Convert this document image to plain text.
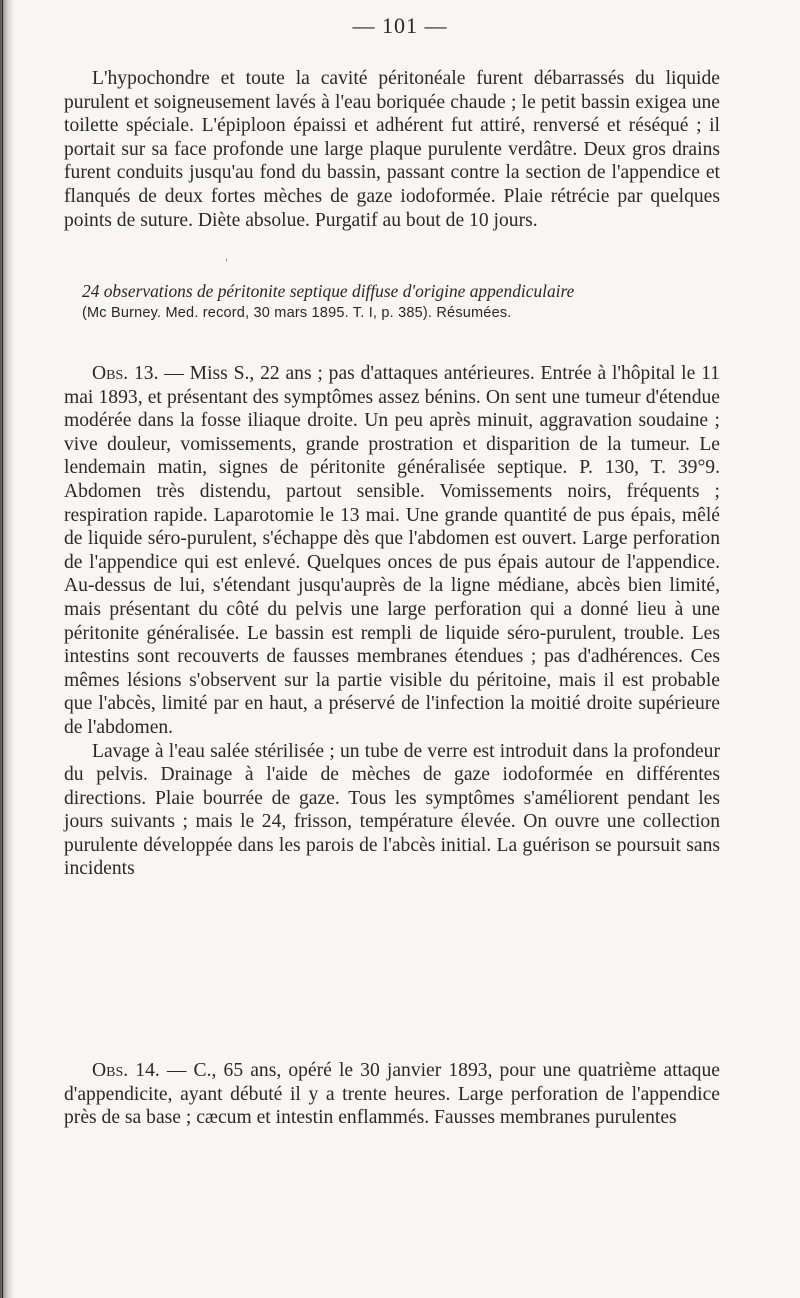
— 101 —

L'hypochondre et toute la cavité péritonéale furent débarrassés du liquide purulent et soigneusement lavés à l'eau boriquée chaude ; le petit bassin exigea une toilette spéciale. L'épiploon épaissi et adhérent fut attiré, renversé et réséqué ; il portait sur sa face profonde une large plaque purulente verdâtre. Deux gros drains furent conduits jusqu'au fond du bassin, passant contre la section de l'appendice et flanqués de deux fortes mèches de gaze iodoformée. Plaie rétrécie par quelques points de suture. Diète absolue. Purgatif au bout de 10 jours.

'

24 observations de péritonite septique diffuse d'origine appendiculaire

(Mc Burney. Med. record, 30 mars 1895. T. I, p. 385). Résumées.

Obs. 13. — Miss S., 22 ans ; pas d'attaques antérieures. Entrée à l'hôpital le 11 mai 1893, et présentant des symptômes assez bénins. On sent une tumeur d'étendue modérée dans la fosse iliaque droite. Un peu après minuit, aggravation soudaine ; vive douleur, vomissements, grande prostration et disparition de la tumeur. Le lendemain matin, signes de péritonite généralisée septique. P. 130, T. 39°9. Abdomen très distendu, partout sensible. Vomissements noirs, fréquents ; respiration rapide. Laparotomie le 13 mai. Une grande quantité de pus épais, mêlé de liquide séro-purulent, s'échappe dès que l'abdomen est ouvert. Large perforation de l'appendice qui est enlevé. Quelques onces de pus épais autour de l'appendice. Au-dessus de lui, s'étendant jusqu'auprès de la ligne médiane, abcès bien limité, mais présentant du côté du pelvis une large perforation qui a donné lieu à une péritonite généralisée. Le bassin est rempli de liquide séro-purulent, trouble. Les intestins sont recouverts de fausses membranes étendues ; pas d'adhérences. Ces mêmes lésions s'observent sur la partie visible du péritoine, mais il est probable que l'abcès, limité par en haut, a préservé de l'infection la moitié droite supérieure de l'abdomen.

Lavage à l'eau salée stérilisée ; un tube de verre est introduit dans la profondeur du pelvis. Drainage à l'aide de mèches de gaze iodoformée en différentes directions. Plaie bourrée de gaze. Tous les symptômes s'améliorent pendant les jours suivants ; mais le 24, frisson, température élevée. On ouvre une collection purulente développée dans les parois de l'abcès initial. La guérison se poursuit sans incidents

Obs. 14. — C., 65 ans, opéré le 30 janvier 1893, pour une quatrième attaque d'appendicite, ayant débuté il y a trente heures. Large perforation de l'appendice près de sa base ; cæcum et intestin enflammés. Fausses membranes purulentes
